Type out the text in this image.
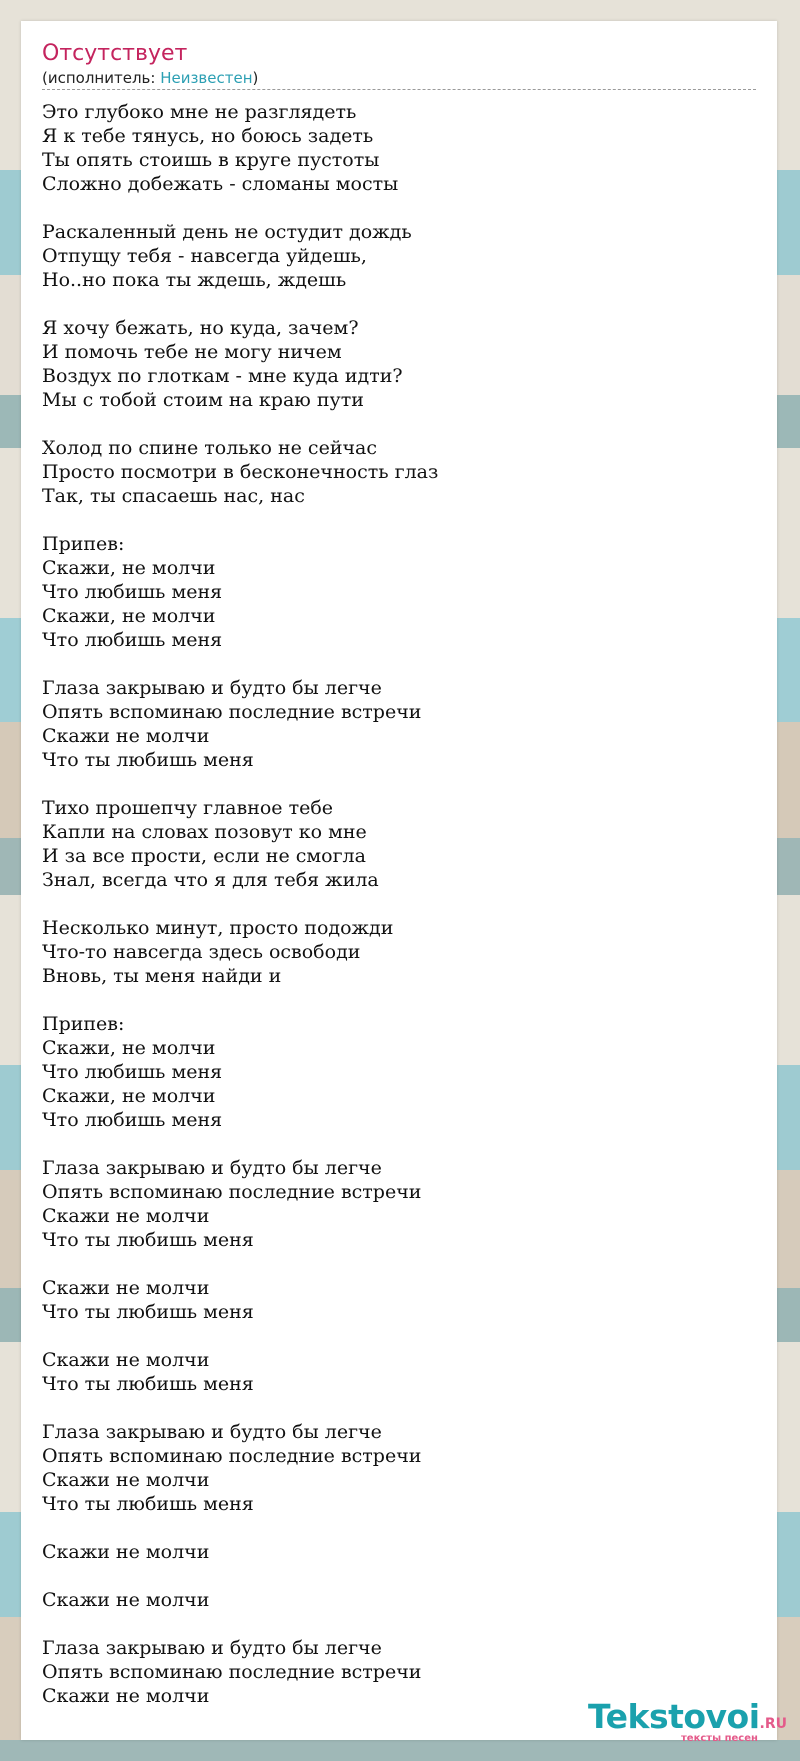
Отсутствует
(исполнитель: Неизвестен)
Это глубоко мне не разглядеть
Я к тебе тянусь, но боюсь задеть
Ты опять стоишь в круге пустоты
Сложно добежать - сломаны мосты
Раскаленный день не остудит дождь
Отпущу тебя - навсегда уйдешь,
Но..но пока ты ждешь, ждешь
Я хочу бежать, но куда, зачем?
И помочь тебе не могу ничем
Воздух по глоткам - мне куда идти?
Мы с тобой стоим на краю пути
Холод по спине только не сейчас
Просто посмотри в бесконечность глаз
Так, ты спасаешь нас, нас
Припев:
Скажи, не молчи
Что любишь меня
Скажи, не молчи
Что любишь меня
Глаза закрываю и будто бы легче
Опять вспоминаю последние встречи
Скажи не молчи
Что ты любишь меня
Тихо прошепчу главное тебе
Капли на словах позовут ко мне
И за все прости, если не смогла
Знал, всегда что я для тебя жила
Несколько минут, просто подожди
Что-то навсегда здесь освободи
Вновь, ты меня найди и
Припев:
Скажи, не молчи
Что любишь меня
Скажи, не молчи
Что любишь меня
Глаза закрываю и будто бы легче
Опять вспоминаю последние встречи
Скажи не молчи
Что ты любишь меня
Скажи не молчи
Что ты любишь меня
Скажи не молчи
Что ты любишь меня
Глаза закрываю и будто бы легче
Опять вспоминаю последние встречи
Скажи не молчи
Что ты любишь меня
Скажи не молчи
Скажи не молчи
Глаза закрываю и будто бы легче
Опять вспоминаю последние встречи
Скажи не молчи
Tekstovoi.RU
тексты песен
